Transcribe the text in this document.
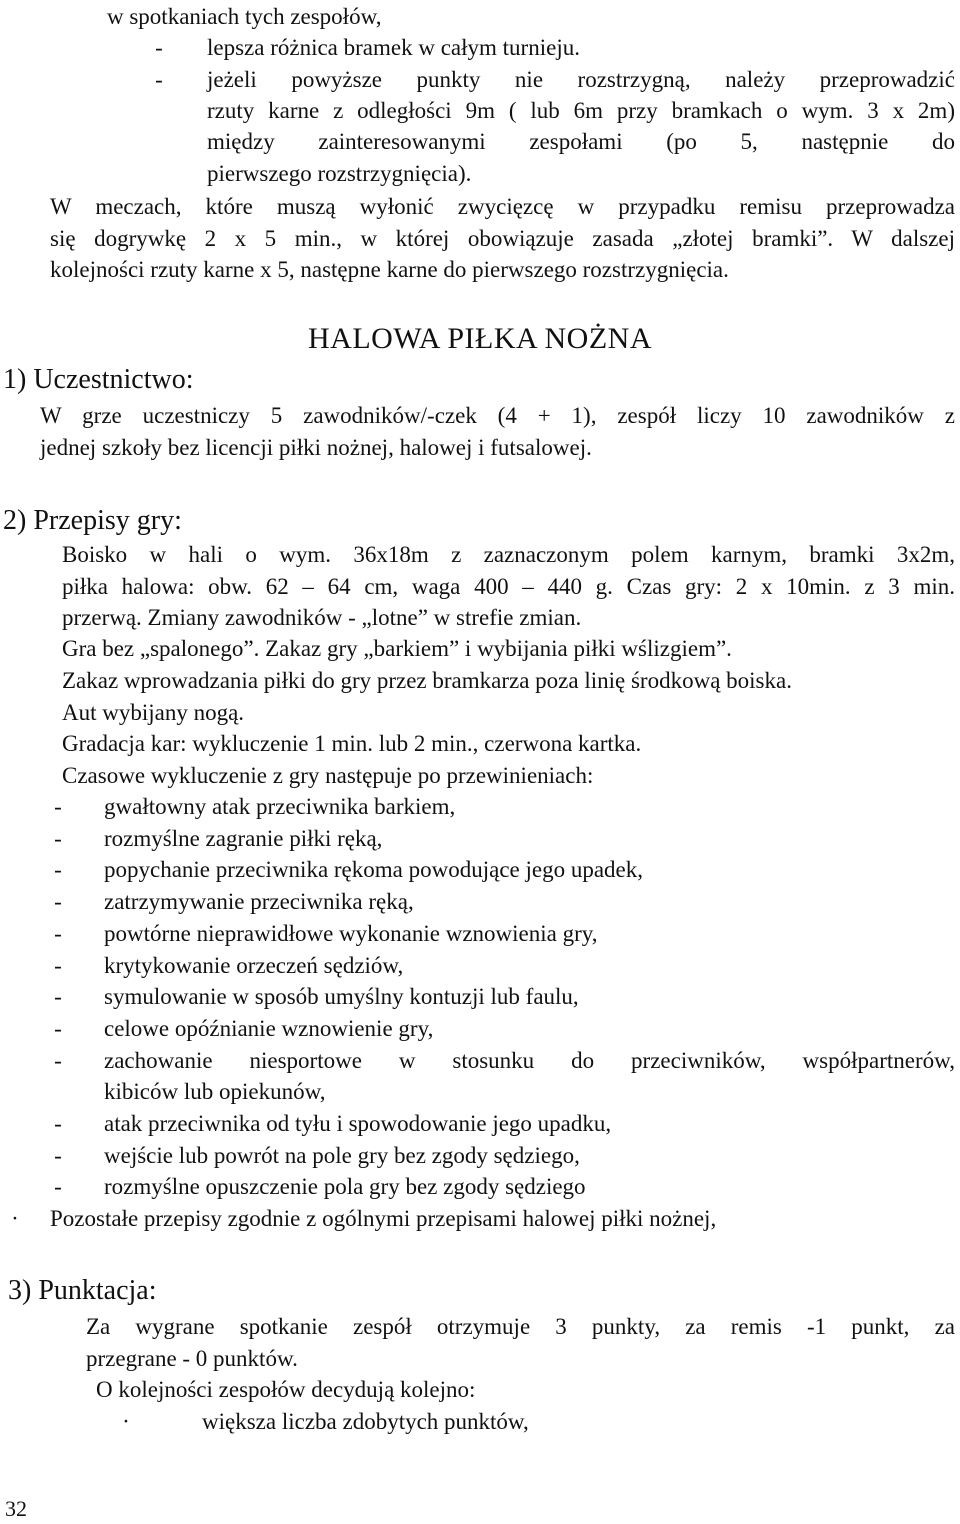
w spotkaniach tych zespołów,
- lepsza różnica bramek w całym turnieju.
- jeżeli powyższe punkty nie rozstrzygną, należy przeprowadzić
rzuty karne z odległości 9m ( lub 6m przy bramkach o wym. 3 x 2m)
między zainteresowanymi zespołami (po 5, następnie do
pierwszego rozstrzygnięcia).
W meczach, które muszą wyłonić zwycięzcę w przypadku remisu przeprowadza
się dogrywkę 2 x 5 min., w której obowiązuje zasada „złotej bramki”. W dalszej
kolejności rzuty karne x 5, następne karne do pierwszego rozstrzygnięcia.
HALOWA PIŁKA NOŻNA
1) Uczestnictwo:
W grze uczestniczy 5 zawodników/-czek (4 + 1), zespół liczy 10 zawodników z
jednej szkoły bez licencji piłki nożnej, halowej i futsalowej.
2) Przepisy gry:
Boisko w hali o wym. 36x18m z zaznaczonym polem karnym, bramki 3x2m,
piłka halowa: obw. 62 – 64 cm, waga 400 – 440 g. Czas gry: 2 x 10min. z 3 min.
przerwą. Zmiany zawodników - „lotne” w strefie zmian.
Gra bez „spalonego”. Zakaz gry „barkiem” i wybijania piłki wślizgiem”.
Zakaz wprowadzania piłki do gry przez bramkarza poza linię środkową boiska.
Aut wybijany nogą.
Gradacja kar: wykluczenie 1 min. lub 2 min., czerwona kartka.
Czasowe wykluczenie z gry następuje po przewinieniach:
- gwałtowny atak przeciwnika barkiem,
- rozmyślne zagranie piłki ręką,
- popychanie przeciwnika rękoma powodujące jego upadek,
- zatrzymywanie przeciwnika ręką,
- powtórne nieprawidłowe wykonanie wznowienia gry,
- krytykowanie orzeczeń sędziów,
- symulowanie w sposób umyślny kontuzji lub faulu,
- celowe opóźnianie wznowienie gry,
- zachowanie niesportowe w stosunku do przeciwników, współpartnerów,
kibiców lub opiekunów,
- atak przeciwnika od tyłu i spowodowanie jego upadku,
- wejście lub powrót na pole gry bez zgody sędziego,
- rozmyślne opuszczenie pola gry bez zgody sędziego
· Pozostałe przepisy zgodnie z ogólnymi przepisami halowej piłki nożnej,
3) Punktacja:
Za wygrane spotkanie zespół otrzymuje 3 punkty, za remis -1 punkt, za
przegrane - 0 punktów.
O kolejności zespołów decydują kolejno:
·	większa liczba zdobytych punktów,
32
